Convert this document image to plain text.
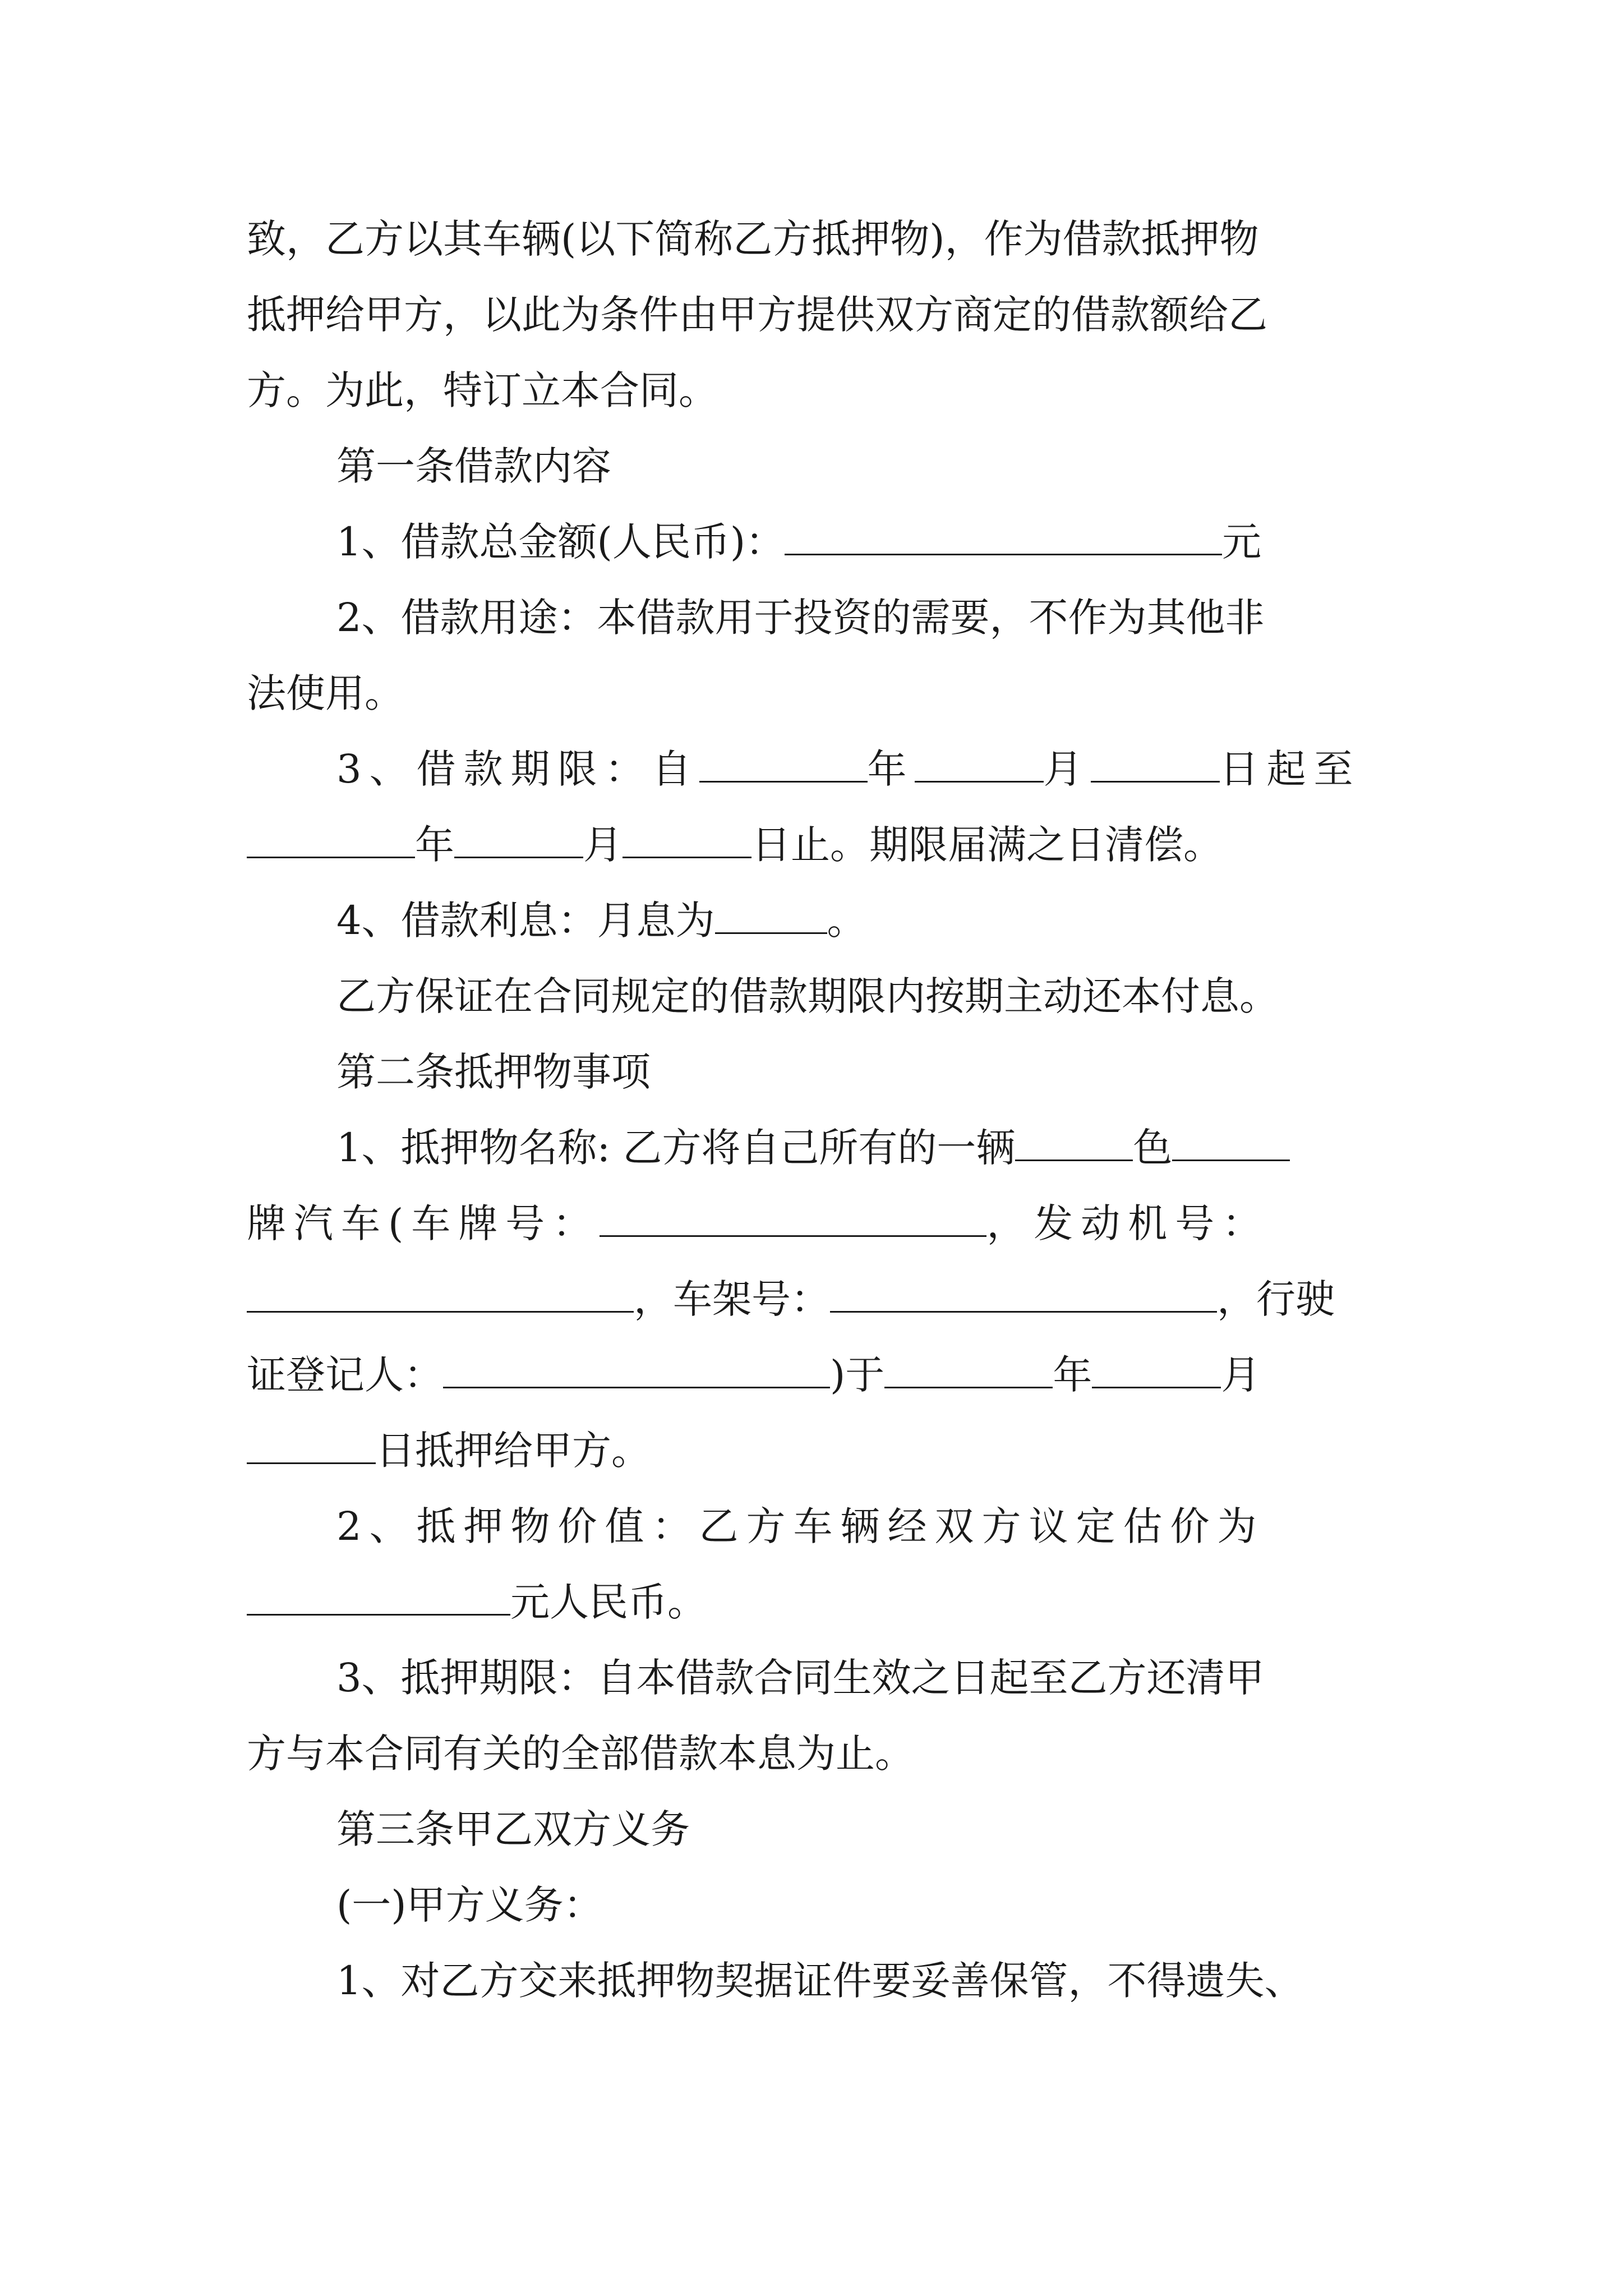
致，乙方以其车辆(以下简称乙方抵押物)，作为借款抵押物
抵押给甲方，以此为条件由甲方提供双方商定的借款额给乙
方。为此，特订立本合同。
第一条借款内容
1、借款总金额(人民币)：	元
2、借款用途：本借款用于投资的需要，不作为其他非
法使用。
3、借款期限：自	年	月	日起至
年	月	日止。期限届满之日清偿。
4、借款利息：月息为	。
乙方保证在合同规定的借款期限内按期主动还本付息。
第二条抵押物事项
1、抵押物名称: 乙方将自己所有的一辆	色
牌汽车(车牌号：	，发动机号：
，车架号：	，行驶
证登记人：	)于	年	月
日抵押给甲方。
2、抵押物价值：乙方车辆经双方议定估价为
元人民币。
3、抵押期限：自本借款合同生效之日起至乙方还清甲
方与本合同有关的全部借款本息为止。
第三条甲乙双方义务
(一)甲方义务：
1、对乙方交来抵押物契据证件要妥善保管，不得遗失、
